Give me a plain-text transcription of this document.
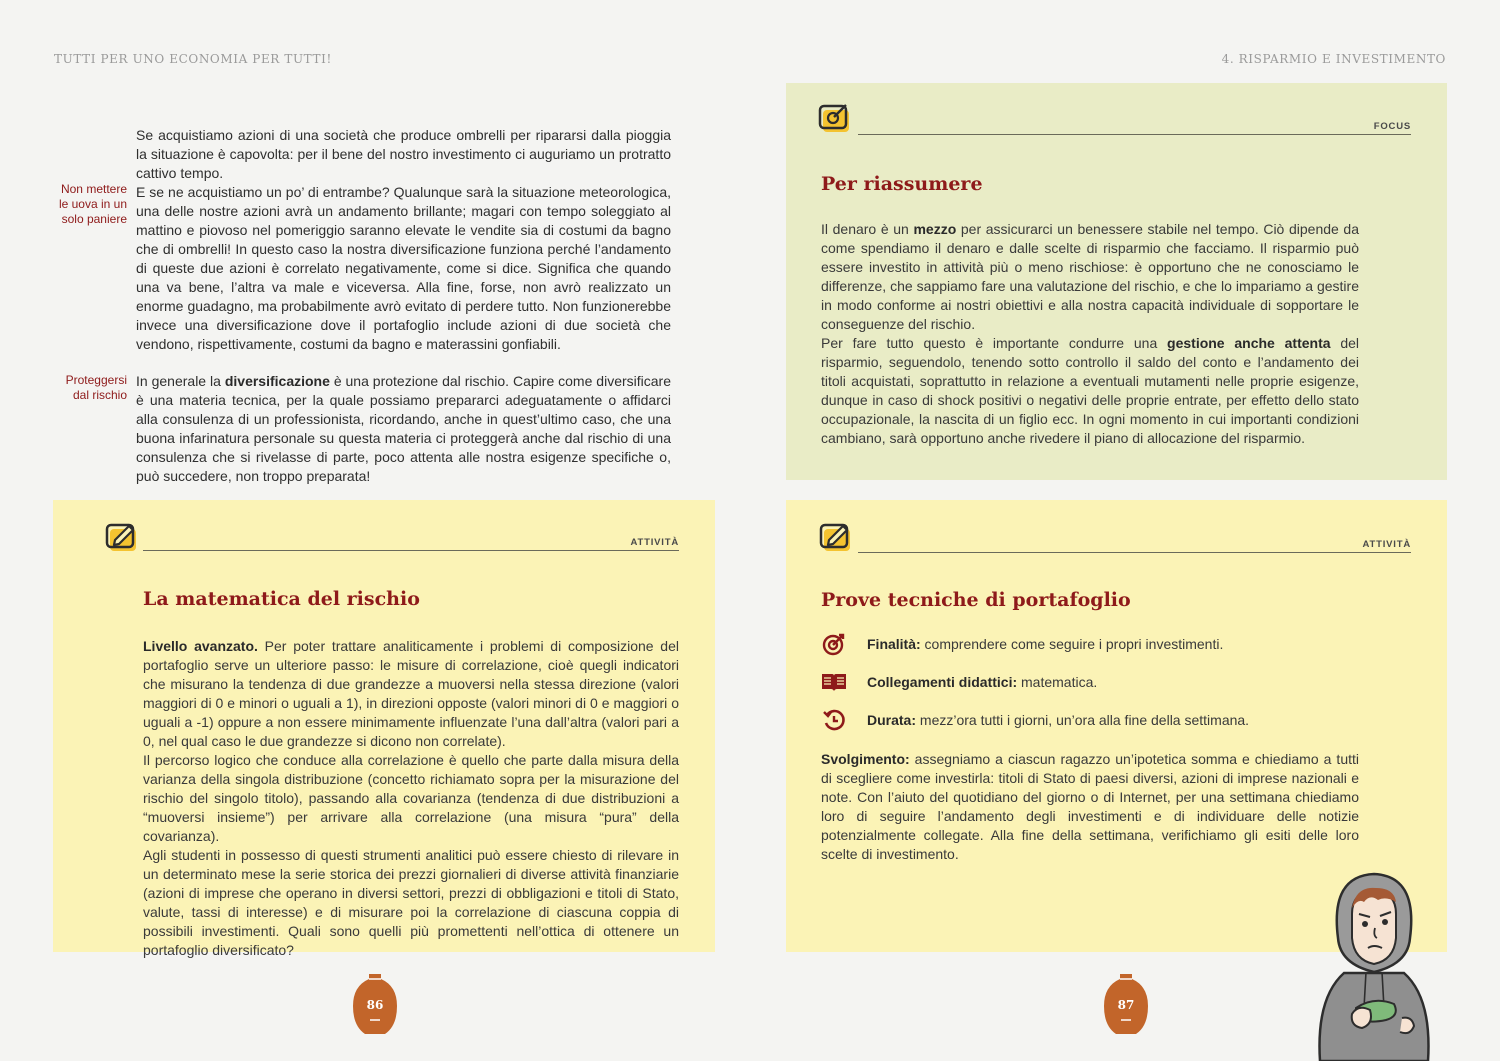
TUTTI PER UNO ECONOMIA PER TUTTI!	4. RISPARMIO E INVESTIMENTO
Non mettere le uova in un solo paniere
Proteggersi dal rischio

Se acquistiamo azioni di una società che produce ombrelli per ripararsi dalla pioggia la situazione è capovolta: per il bene del nostro investimento ci auguriamo un protratto cattivo tempo.

E se ne acquistiamo un po’ di entrambe? Qualunque sarà la situazione meteorologica, una delle nostre azioni avrà un andamento brillante; magari con tempo soleggiato al mattino e piovoso nel pomeriggio saranno elevate le vendite sia di costumi da bagno che di ombrelli! In questo caso la nostra diversificazione funziona perché l’andamento di queste due azioni è correlato negativamente, come si dice. Significa che quando una va bene, l’altra va male e viceversa. Alla fine, forse, non avrò realizzato un enorme guadagno, ma probabilmente avrò evitato di perdere tutto. Non funzionerebbe invece una diversificazione dove il portafoglio include azioni di due società che vendono, rispettivamente, costumi da bagno e materassini gonfiabili.

In generale la diversificazione è una protezione dal rischio. Capire come diversificare è una materia tecnica, per la quale possiamo prepararci adeguatamente o affidarci alla consulenza di un professionista, ricordando, anche in quest’ultimo caso, che una buona infarinatura personale su questa materia ci proteggerà anche dal rischio di una consulenza che si rivelasse di parte, poco attenta alle nostra esigenze specifiche o, può succedere, non troppo preparata!

ATTIVITÀ
La matematica del rischio

Livello avanzato. Per poter trattare analiticamente i problemi di composizione del portafoglio serve un ulteriore passo: le misure di correlazione, cioè quegli indicatori che misurano la tendenza di due grandezze a muoversi nella stessa direzione (valori maggiori di 0 e minori o uguali a 1), in direzioni opposte (valori minori di 0 e maggiori o uguali a -1) oppure a non essere minimamente influenzate l’una dall’altra (valori pari a 0, nel qual caso le due grandezze si dicono non correlate).

Il percorso logico che conduce alla correlazione è quello che parte dalla misura della varianza della singola distribuzione (concetto richiamato sopra per la misurazione del rischio del singolo titolo), passando alla covarianza (tendenza di due distribuzioni a “muoversi insieme”) per arrivare alla correlazione (una misura “pura” della covarianza).

Agli studenti in possesso di questi strumenti analitici può essere chiesto di rilevare in un determinato mese la serie storica dei prezzi giornalieri di diverse attività finanziarie (azioni di imprese che operano in diversi settori, prezzi di obbligazioni e titoli di Stato, valute, tassi di interesse) e di misurare poi la correlazione di ciascuna coppia di possibili investimenti. Quali sono quelli più promettenti nell’ottica di ottenere un portafoglio diversificato?

FOCUS
Per riassumere

Il denaro è un mezzo per assicurarci un benessere stabile nel tempo. Ciò dipende da come spendiamo il denaro e dalle scelte di risparmio che facciamo. Il risparmio può essere investito in attività più o meno rischiose: è opportuno che ne conosciamo le differenze, che sappiamo fare una valutazione del rischio, e che lo impariamo a gestire in modo conforme ai nostri obiettivi e alla nostra capacità individuale di sopportare le conseguenze del rischio.

Per fare tutto questo è importante condurre una gestione anche attenta del risparmio, seguendolo, tenendo sotto controllo il saldo del conto e l’andamento dei titoli acquistati, soprattutto in relazione a eventuali mutamenti nelle proprie esigenze, dunque in caso di shock positivi o negativi delle proprie entrate, per effetto dello stato occupazionale, la nascita di un figlio ecc. In ogni momento in cui importanti condizioni cambiano, sarà opportuno anche rivedere il piano di allocazione del risparmio.

ATTIVITÀ
Prove tecniche di portafoglio
Finalità: comprendere come seguire i propri investimenti.
Collegamenti didattici: matematica.
Durata: mezz’ora tutti i giorni, un’ora alla fine della settimana.

Svolgimento: assegniamo a ciascun ragazzo un’ipotetica somma e chiediamo a tutti di scegliere come investirla: titoli di Stato di paesi diversi, azioni di imprese nazionali e note. Con l’aiuto del quotidiano del giorno o di Internet, per una settimana chiediamo loro di seguire l’andamento degli investimenti e di individuare delle notizie potenzialmente collegate. Alla fine della settimana, verifichiamo gli esiti delle loro scelte di investimento.

86	87
